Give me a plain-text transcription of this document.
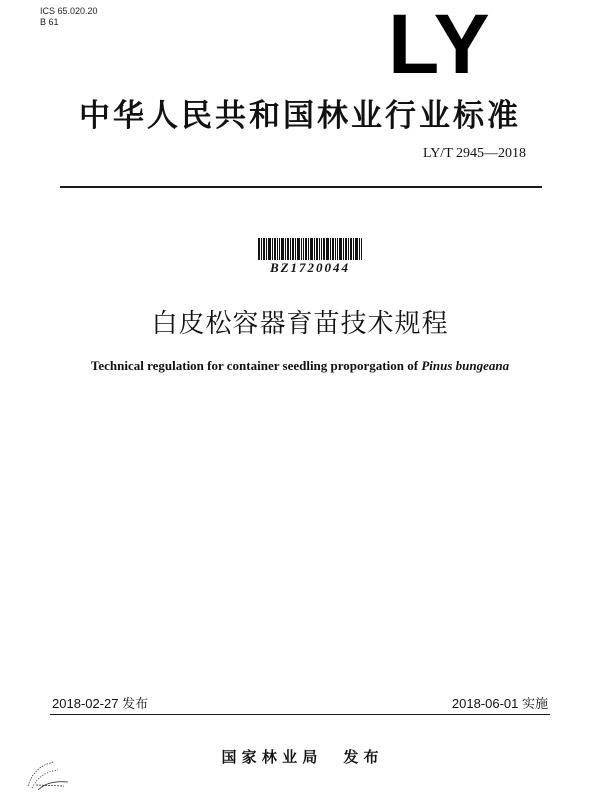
ICS 65.020.20
B 61	LY
中华人民共和国林业行业标准
LY/T 2945—2018
BZ1720044
白皮松容器育苗技术规程
Technical regulation for container seedling proporgation of Pinus bungeana
2018-02-27 发布	2018-06-01 实施
国 家 林 业 局 发 布
